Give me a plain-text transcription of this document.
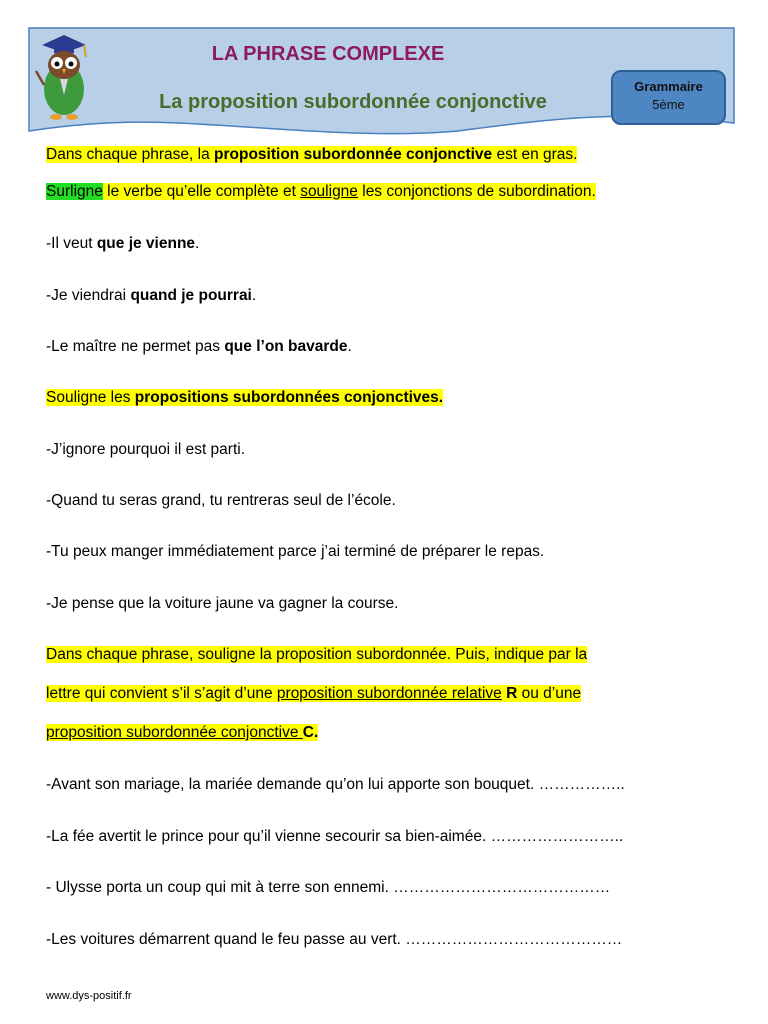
LA PHRASE COMPLEXE
La proposition subordonnée conjonctive
Grammaire
5ème
Dans chaque phrase, la proposition subordonnée conjonctive est en gras.
Surligne le verbe qu’elle complète et souligne les conjonctions de subordination.
-Il veut que je vienne.
-Je viendrai quand je pourrai.
-Le maître ne permet pas que l’on bavarde.
Souligne les propositions subordonnées conjonctives.
-J’ignore pourquoi il est parti.
-Quand tu seras grand, tu rentreras seul de l’école.
-Tu peux manger immédiatement parce j’ai terminé de préparer le repas.
-Je pense que la voiture jaune va gagner la course.
Dans chaque phrase, souligne la proposition subordonnée. Puis, indique par la
lettre qui convient s’il s’agit d’une proposition subordonnée relative R ou d’une
proposition subordonnée conjonctive C.
-Avant son mariage, la mariée demande qu’on lui apporte son bouquet. ……………..
-La fée avertit le prince pour qu’il vienne secourir sa bien-aimée. ……………………..
- Ulysse porta un coup qui mit à terre son ennemi. ……………………………………
-Les voitures démarrent quand le feu passe au vert. ……………………………………
www.dys-positif.fr
